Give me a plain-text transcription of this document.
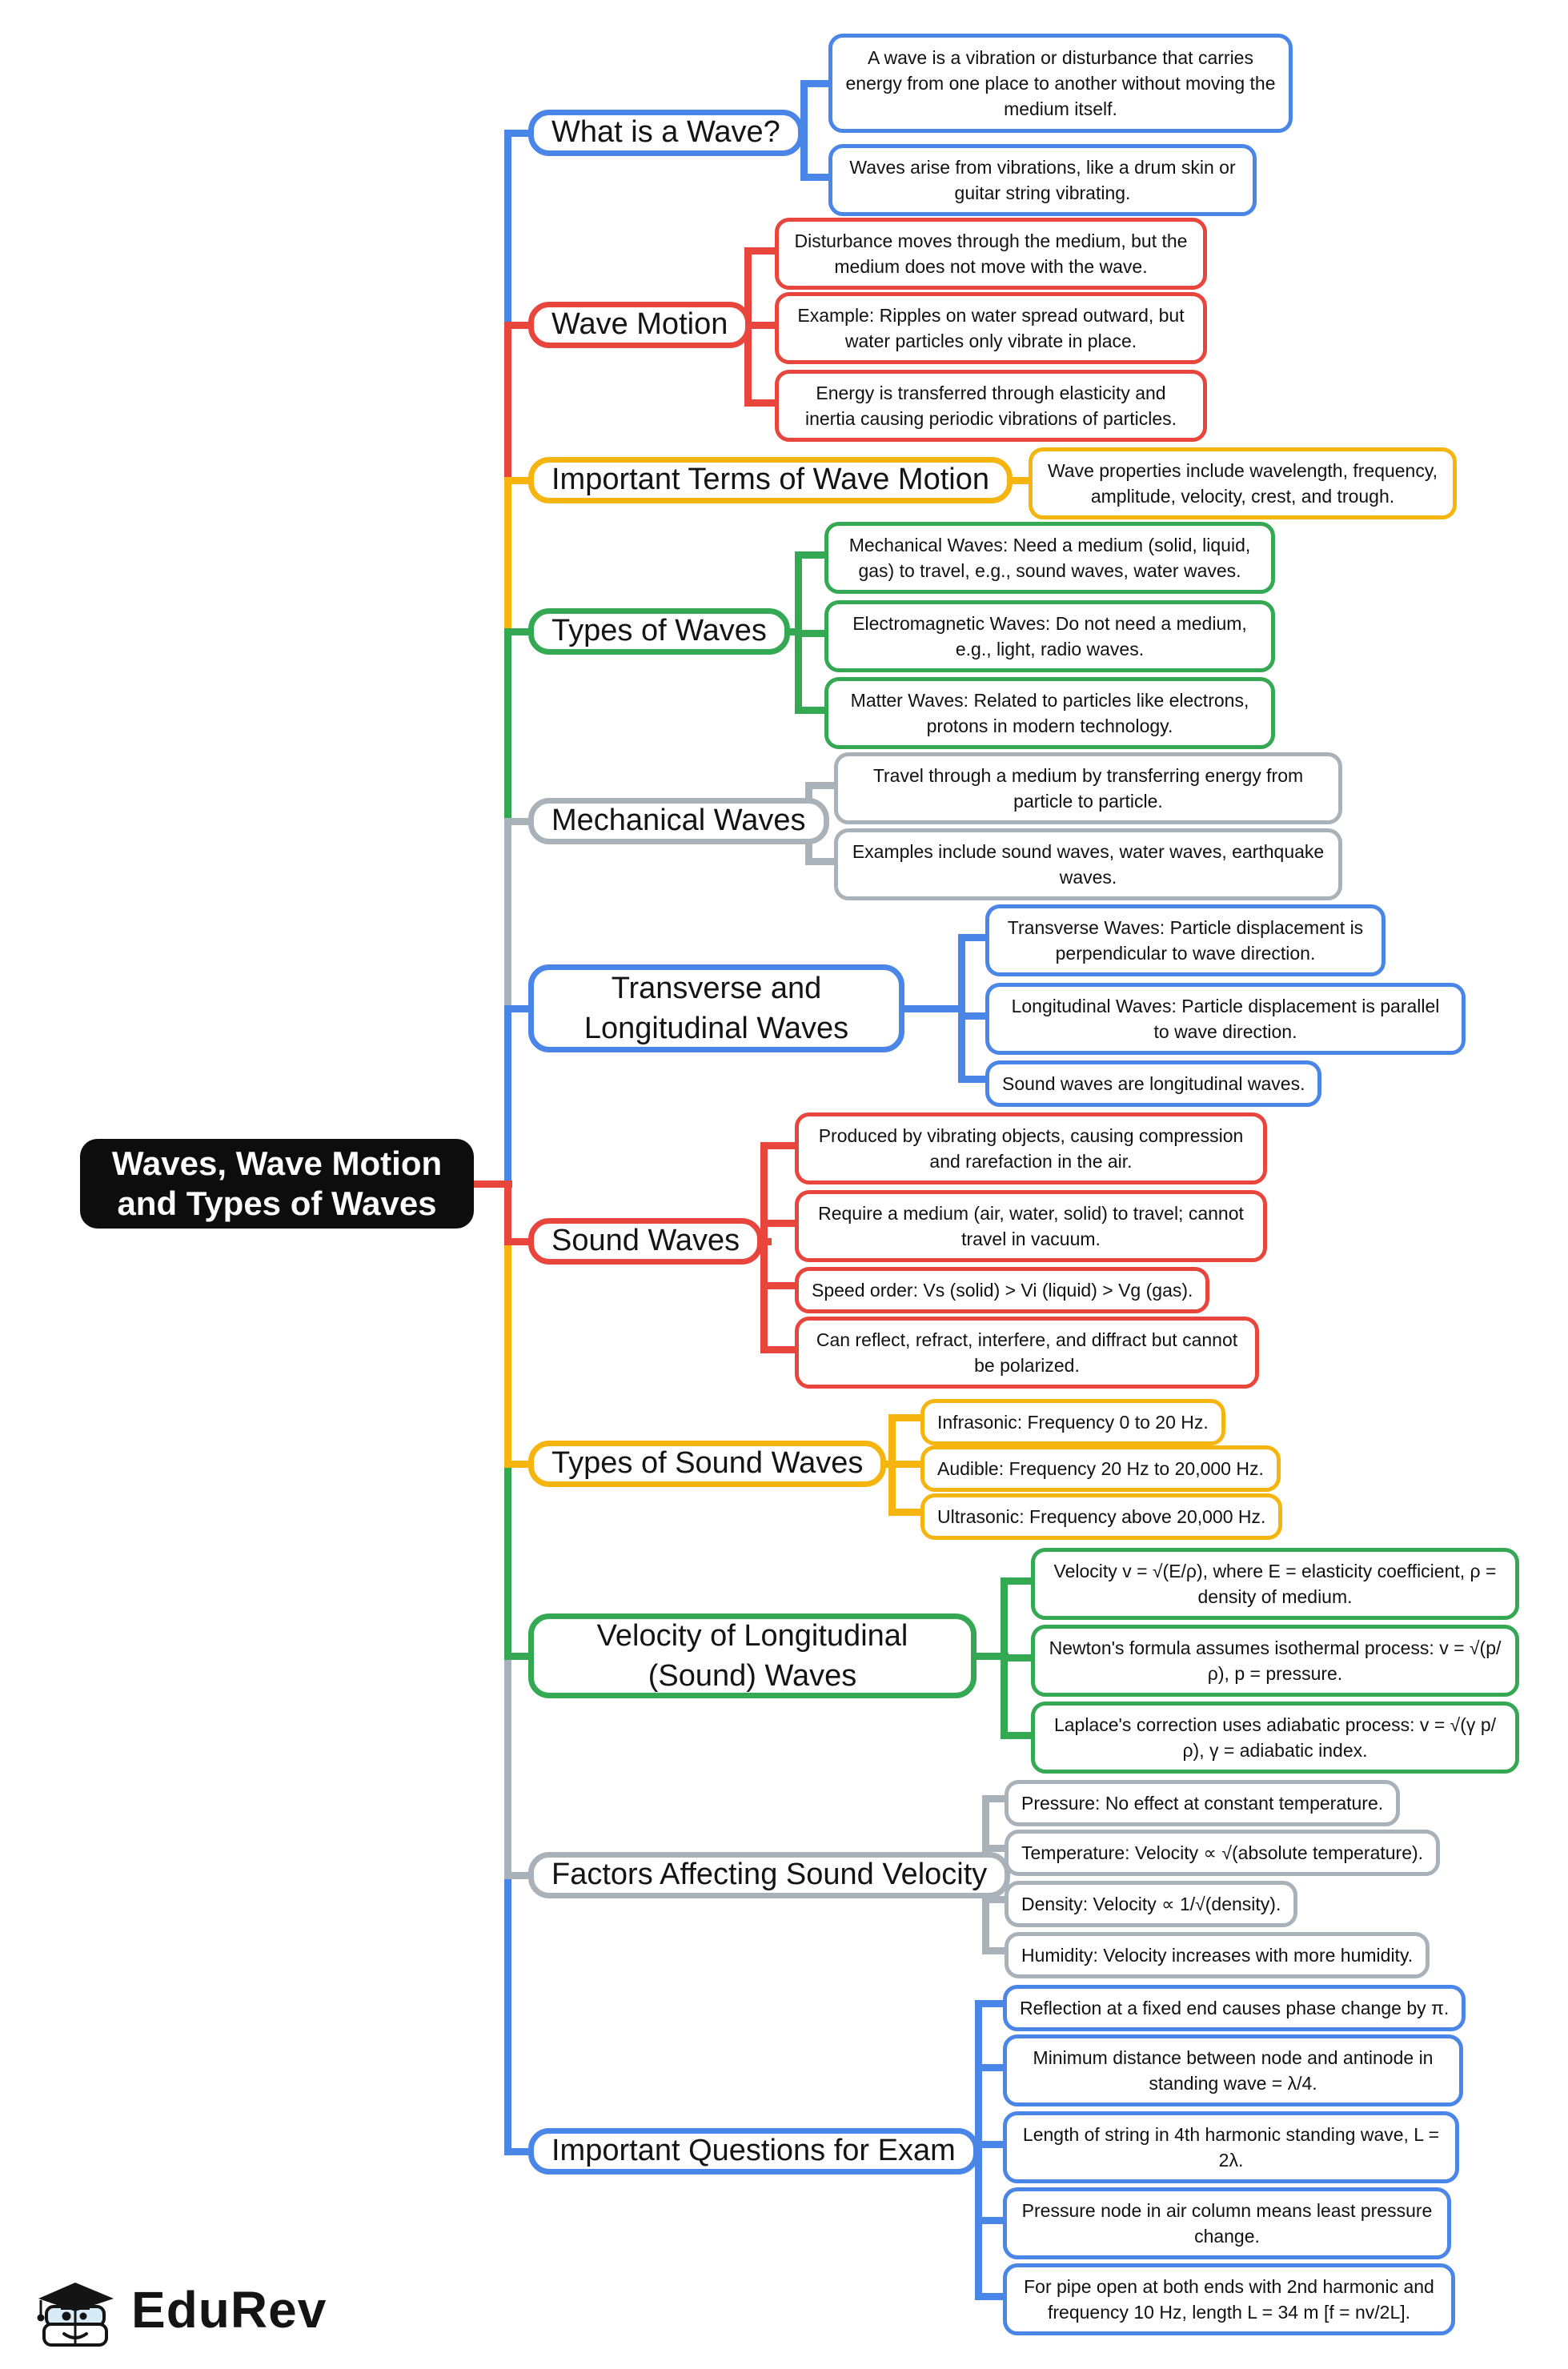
Waves, Wave Motion and Types of Waves
What is a Wave?
A wave is a vibration or disturbance that carries energy from one place to another without moving the medium itself.
Waves arise from vibrations, like a drum skin or guitar string vibrating.
Wave Motion
Disturbance moves through the medium, but the medium does not move with the wave.
Example: Ripples on water spread outward, but water particles only vibrate in place.
Energy is transferred through elasticity and inertia causing periodic vibrations of particles.
Important Terms of Wave Motion	Wave properties include wavelength, frequency, amplitude, velocity, crest, and trough.
Types of Waves
Mechanical Waves: Need a medium (solid, liquid, gas) to travel, e.g., sound waves, water waves.
Electromagnetic Waves: Do not need a medium, e.g., light, radio waves.
Matter Waves: Related to particles like electrons, protons in modern technology.
Mechanical Waves
Travel through a medium by transferring energy from particle to particle.
Examples include sound waves, water waves, earthquake waves.
Transverse and Longitudinal Waves
Transverse Waves: Particle displacement is perpendicular to wave direction.
Longitudinal Waves: Particle displacement is parallel to wave direction.
Sound waves are longitudinal waves.
Sound Waves
Produced by vibrating objects, causing compression and rarefaction in the air.
Require a medium (air, water, solid) to travel; cannot travel in vacuum.
Speed order: Vs (solid) > Vi (liquid) > Vg (gas).
Can reflect, refract, interfere, and diffract but cannot be polarized.
Types of Sound Waves
Infrasonic: Frequency 0 to 20 Hz.
Audible: Frequency 20 Hz to 20,000 Hz.
Ultrasonic: Frequency above 20,000 Hz.
Velocity of Longitudinal (Sound) Waves
Velocity v = √(E/ρ), where E = elasticity coefficient, ρ = density of medium.
Newton's formula assumes isothermal process: v = √(p/ρ), p = pressure.
Laplace's correction uses adiabatic process: v = √(γ p/ρ), γ = adiabatic index.
Factors Affecting Sound Velocity
Pressure: No effect at constant temperature.
Temperature: Velocity ∝ √(absolute temperature).
Density: Velocity ∝ 1/√(density).
Humidity: Velocity increases with more humidity.
Important Questions for Exam
Reflection at a fixed end causes phase change by π.
Minimum distance between node and antinode in standing wave = λ/4.
Length of string in 4th harmonic standing wave, L = 2λ.
Pressure node in air column means least pressure change.
For pipe open at both ends with 2nd harmonic and frequency 10 Hz, length L = 34 m [f = nv/2L].
EduRev
